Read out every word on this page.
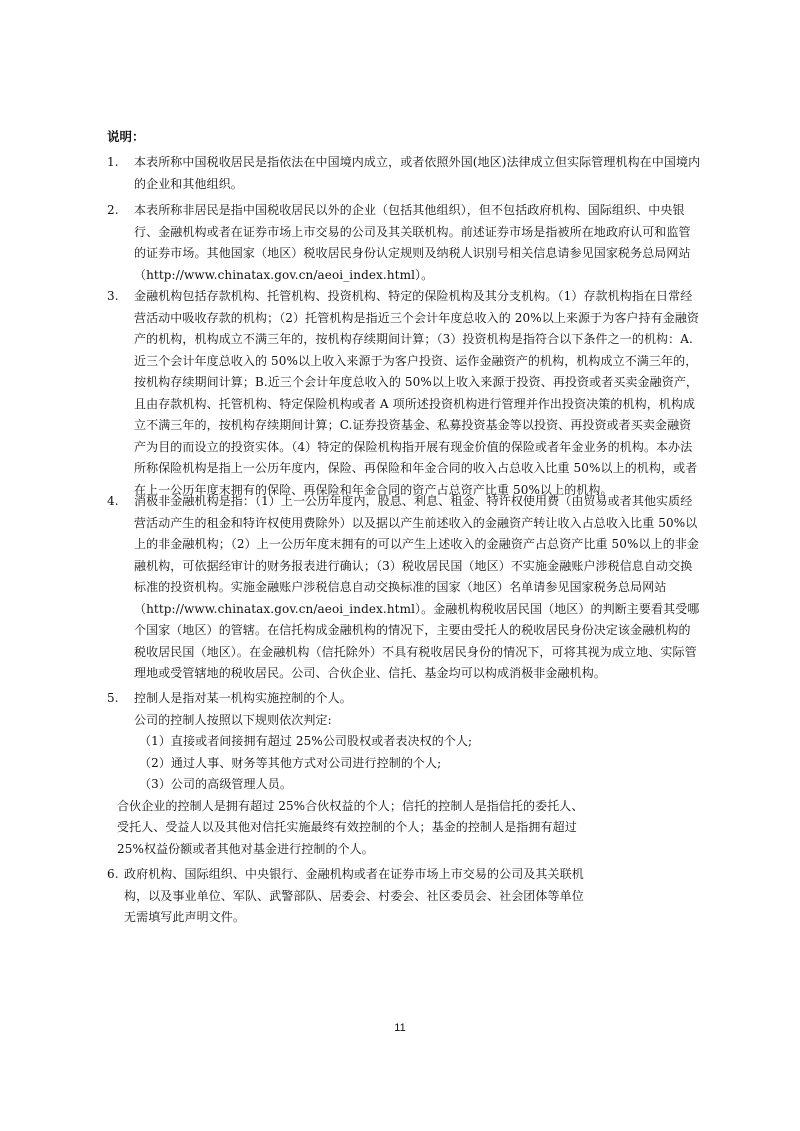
说明：
1. 本表所称中国税收居民是指依法在中国境内成立，或者依照外国(地区)法律成立但实际管理机构在中国境内的企业和其他组织。
2. 本表所称非居民是指中国税收居民以外的企业（包括其他组织），但不包括政府机构、国际组织、中央银行、金融机构或者在证券市场上市交易的公司及其关联机构。前述证券市场是指被所在地政府认可和监管的证券市场。其他国家（地区）税收居民身份认定规则及纳税人识别号相关信息请参见国家税务总局网站（http://www.chinatax.gov.cn/aeoi_index.html）。
3. 金融机构包括存款机构、托管机构、投资机构、特定的保险机构及其分支机构。（1）存款机构指在日常经营活动中吸收存款的机构；（2）托管机构是指近三个会计年度总收入的 20%以上来源于为客户持有金融资产的机构，机构成立不满三年的，按机构存续期间计算；（3）投资机构是指符合以下条件之一的机构：A.近三个会计年度总收入的 50%以上收入来源于为客户投资、运作金融资产的机构，机构成立不满三年的，按机构存续期间计算；B.近三个会计年度总收入的 50%以上收入来源于投资、再投资或者买卖金融资产，且由存款机构、托管机构、特定保险机构或者 A 项所述投资机构进行管理并作出投资决策的机构，机构成立不满三年的，按机构存续期间计算；C.证券投资基金、私募投资基金等以投资、再投资或者买卖金融资产为目的而设立的投资实体。（4）特定的保险机构指开展有现金价值的保险或者年金业务的机构。本办法所称保险机构是指上一公历年度内，保险、再保险和年金合同的收入占总收入比重 50%以上的机构，或者在上一公历年度末拥有的保险、再保险和年金合同的资产占总资产比重 50%以上的机构。
4. 消极非金融机构是指：（1）上一公历年度内，股息、利息、租金、特许权使用费（由贸易或者其他实质经营活动产生的租金和特许权使用费除外）以及据以产生前述收入的金融资产转让收入占总收入比重 50%以上的非金融机构；（2）上一公历年度末拥有的可以产生上述收入的金融资产占总资产比重 50%以上的非金融机构，可依据经审计的财务报表进行确认；（3）税收居民国（地区）不实施金融账户涉税信息自动交换标准的投资机构。实施金融账户涉税信息自动交换标准的国家（地区）名单请参见国家税务总局网站（http://www.chinatax.gov.cn/aeoi_index.html）。金融机构税收居民国（地区）的判断主要看其受哪个国家（地区）的管辖。在信托构成金融机构的情况下，主要由受托人的税收居民身份决定该金融机构的税收居民国（地区）。在金融机构（信托除外）不具有税收居民身份的情况下，可将其视为成立地、实际管理地或受管辖地的税收居民。公司、合伙企业、信托、基金均可以构成消极非金融机构。
5. 控制人是指对某一机构实施控制的个人。
公司的控制人按照以下规则依次判定:
（1）直接或者间接拥有超过 25%公司股权或者表决权的个人;
（2）通过人事、财务等其他方式对公司进行控制的个人;
（3）公司的高级管理人员。
合伙企业的控制人是拥有超过 25%合伙权益的个人；信托的控制人是指信托的委托人、受托人、受益人以及其他对信托实施最终有效控制的个人；基金的控制人是指拥有超过 25%权益份额或者其他对基金进行控制的个人。
6. 政府机构、国际组织、中央银行、金融机构或者在证券市场上市交易的公司及其关联机构，以及事业单位、军队、武警部队、居委会、村委会、社区委员会、社会团体等单位无需填写此声明文件。
11
